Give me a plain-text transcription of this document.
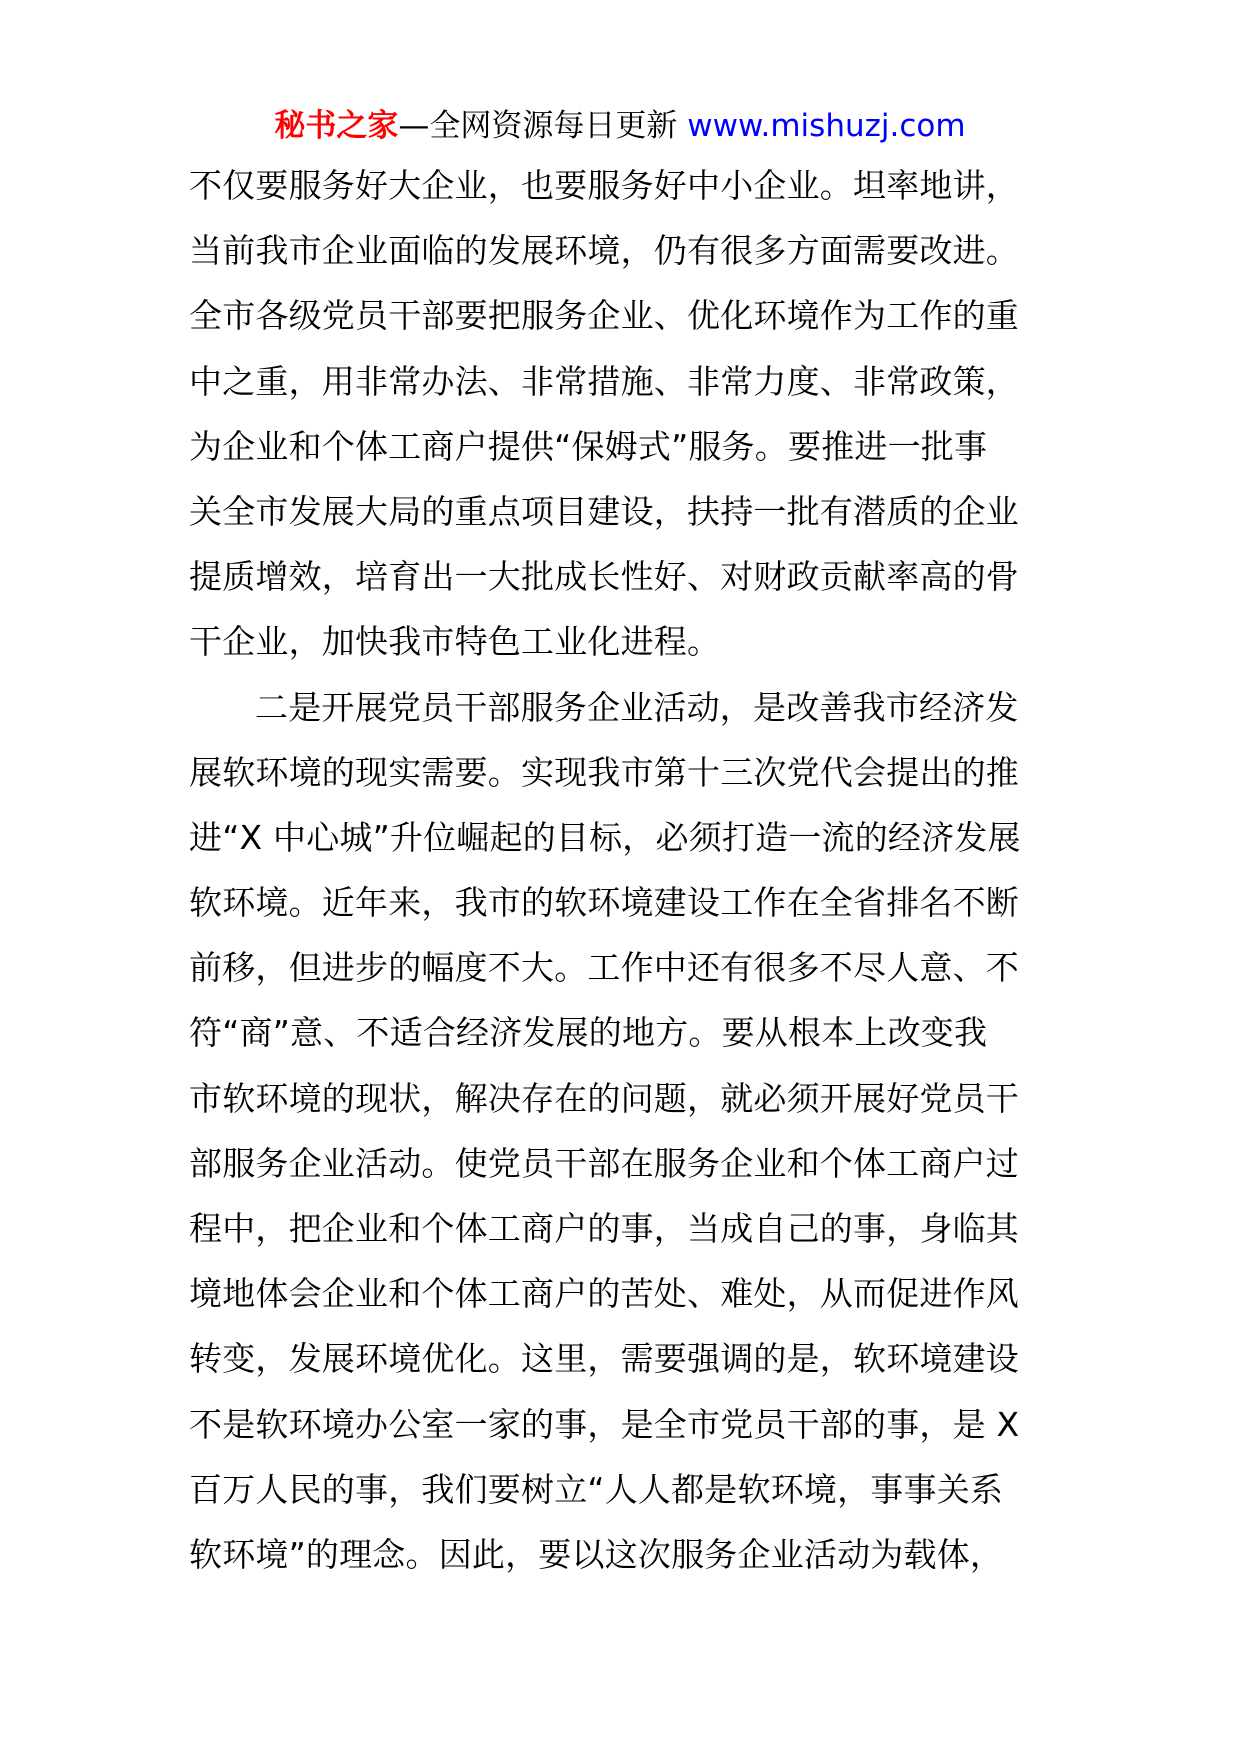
秘书之家—全网资源每日更新 www.mishuzj.com
不仅要服务好大企业，也要服务好中小企业。坦率地讲，
当前我市企业面临的发展环境，仍有很多方面需要改进。
全市各级党员干部要把服务企业、优化环境作为工作的重
中之重，用非常办法、非常措施、非常力度、非常政策，
为企业和个体工商户提供“保姆式”服务。要推进一批事
关全市发展大局的重点项目建设，扶持一批有潜质的企业
提质增效，培育出一大批成长性好、对财政贡献率高的骨
干企业，加快我市特色工业化进程。
二是开展党员干部服务企业活动，是改善我市经济发
展软环境的现实需要。实现我市第十三次党代会提出的推
进“X 中心城”升位崛起的目标，必须打造一流的经济发展
软环境。近年来，我市的软环境建设工作在全省排名不断
前移，但进步的幅度不大。工作中还有很多不尽人意、不
符“商”意、不适合经济发展的地方。要从根本上改变我
市软环境的现状，解决存在的问题，就必须开展好党员干
部服务企业活动。使党员干部在服务企业和个体工商户过
程中，把企业和个体工商户的事，当成自己的事，身临其
境地体会企业和个体工商户的苦处、难处，从而促进作风
转变，发展环境优化。这里，需要强调的是，软环境建设
不是软环境办公室一家的事，是全市党员干部的事，是 X
百万人民的事，我们要树立“人人都是软环境，事事关系
软环境”的理念。因此，要以这次服务企业活动为载体，
